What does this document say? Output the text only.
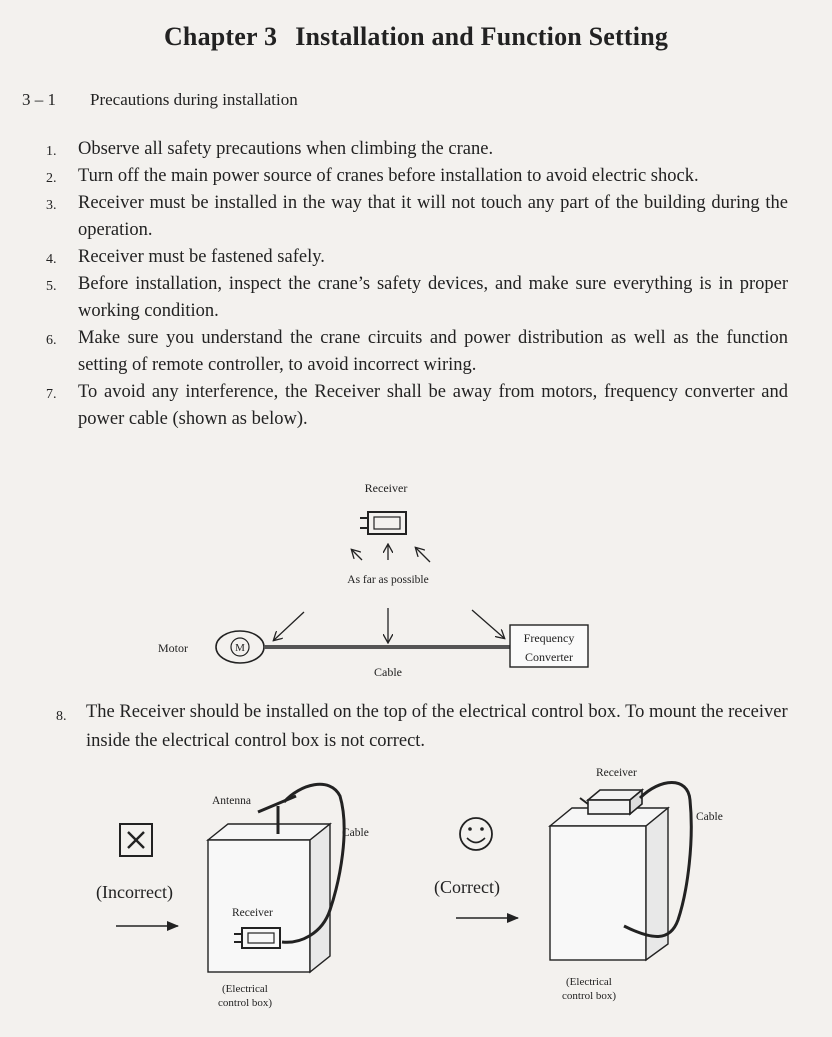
Chapter 3 Installation and Function Setting
3 – 1 Precautions during installation
1. Observe all safety precautions when climbing the crane.
2. Turn off the main power source of cranes before installation to avoid electric shock.
3. Receiver must be installed in the way that it will not touch any part of the building during the operation.
4. Receiver must be fastened safely.
5. Before installation, inspect the crane’s safety devices, and make sure everything is in proper working condition.
6. Make sure you understand the crane circuits and power distribution as well as the function setting of remote controller, to avoid incorrect wiring.
7. To avoid any interference, the Receiver shall be away from motors, frequency converter and power cable (shown as below).
Receiver
As far as possible
Motor	M
Cable
Frequency
Converter
(Incorrect)
Antenna
Cable
Receiver
(Electrical
control box)
(Correct)
Receiver
Cable
(Electrical
control box)
8. The Receiver should be installed on the top of the electrical control box. To mount the receiver inside the electrical control box is not correct.
